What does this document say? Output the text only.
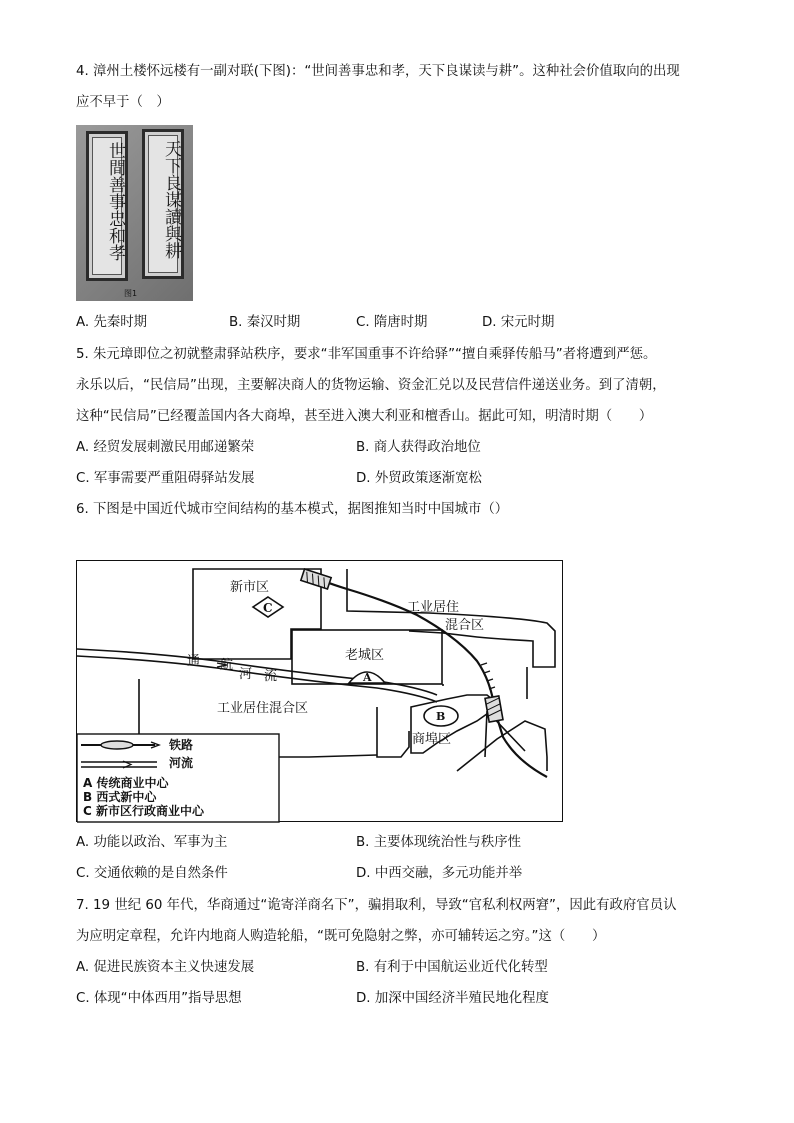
4. 漳州土楼怀远楼有一副对联(下图)：“世间善事忠和孝，天下良谋读与耕”。这种社会价值取向的出现
应不早于（　）
世間善事忠和孝	天下良谋讀與耕
图1
A. 先秦时期	B. 秦汉时期	C. 隋唐时期	D. 宋元时期
5. 朱元璋即位之初就整肃驿站秩序，要求“非军国重事不许给驿”“擅自乘驿传船马”者将遭到严惩。
永乐以后，“民信局”出现，主要解决商人的货物运输、资金汇兑以及民营信件递送业务。到了清朝，
这种“民信局”已经覆盖国内各大商埠，甚至进入澳大利亚和檀香山。据此可知，明清时期（　　）
A. 经贸发展刺激民用邮递繁荣	B. 商人获得政治地位
C. 军事需要严重阻碍驿站发展	D. 外贸政策逐渐宽松
6. 下图是中国近代城市空间结构的基本模式，据图推知当时中国城市（）
新市区
C	工业居住
混合区
老城区
通 航
河 流	A
工业居住混合区
B
商埠区
铁路
河流
A 传统商业中心
B 西式新中心
C 新市区行政商业中心
A. 功能以政治、军事为主	B. 主要体现统治性与秩序性
C. 交通依赖的是自然条件	D. 中西交融，多元功能并举
7. 19 世纪 60 年代，华商通过“诡寄洋商名下”，骗捐取利，导致“官私利权两窘”，因此有政府官员认
为应明定章程，允许内地商人购造轮船，“既可免隐射之弊，亦可辅转运之穷。”这（　　）
A. 促进民族资本主义快速发展	B. 有利于中国航运业近代化转型
C. 体现“中体西用”指导思想	D. 加深中国经济半殖民地化程度
